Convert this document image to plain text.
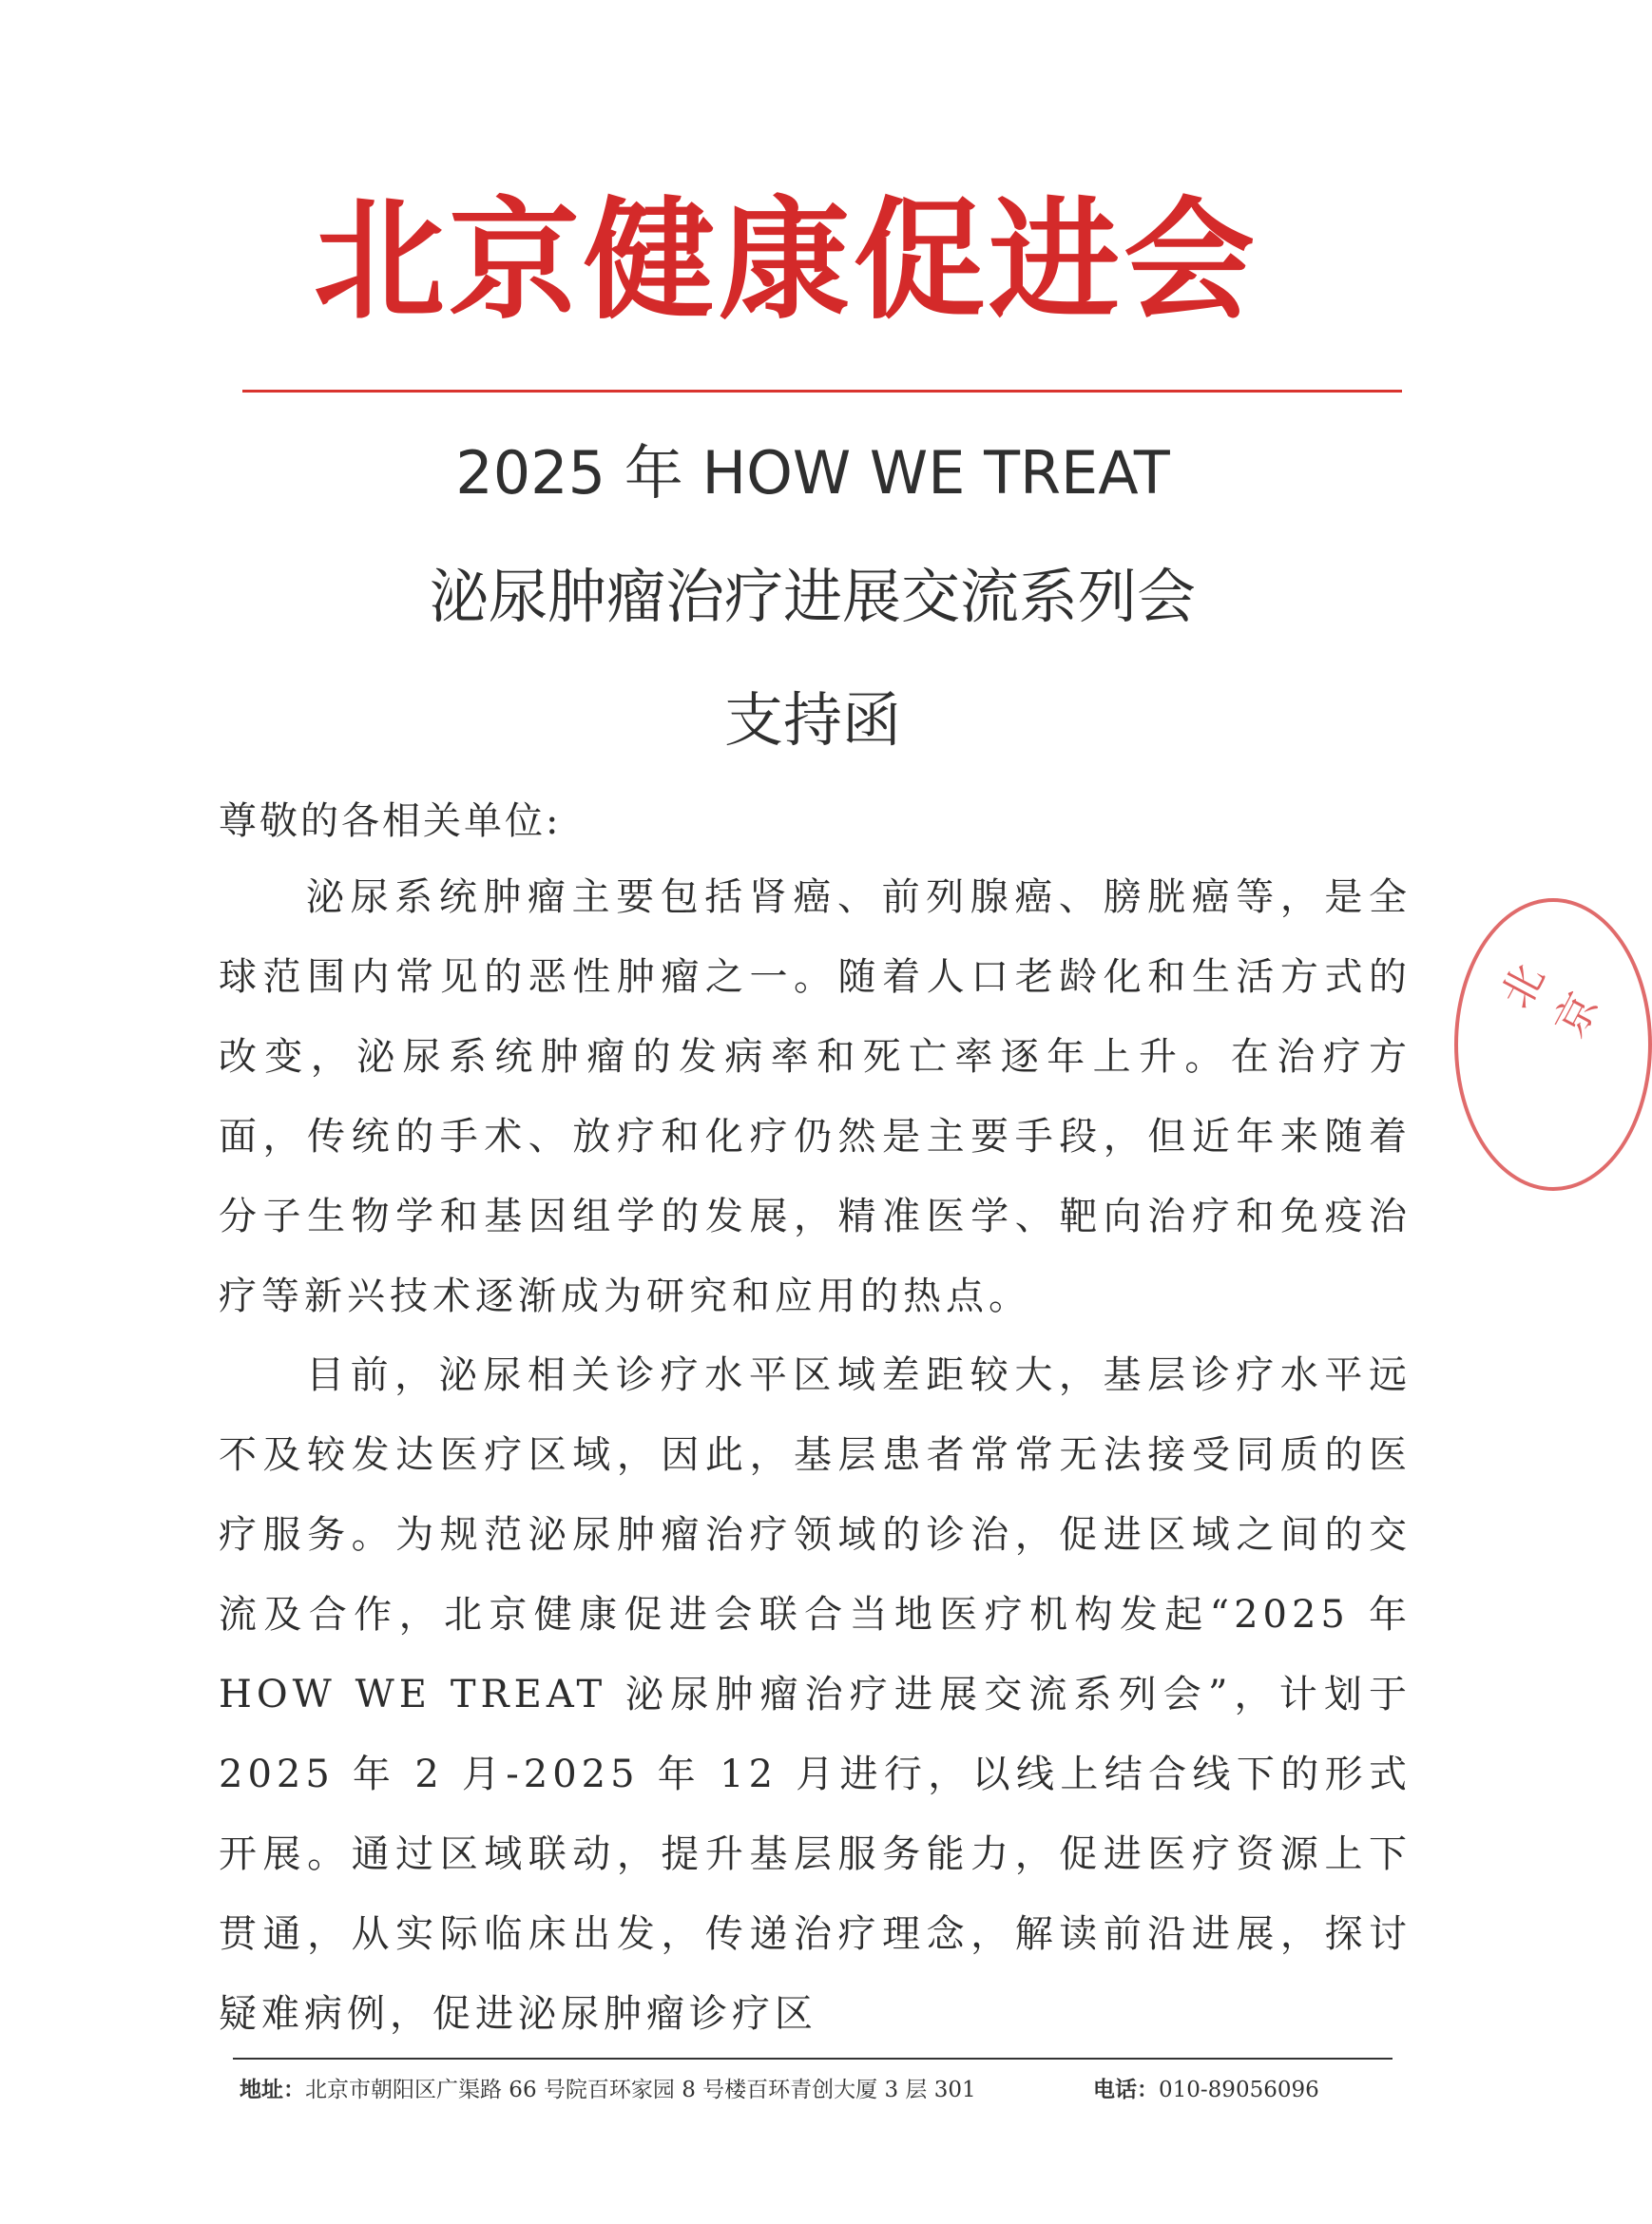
北京健康促进会
2025 年 HOW WE TREAT
泌尿肿瘤治疗进展交流系列会
支持函
尊敬的各相关单位:

泌尿系统肿瘤主要包括肾癌、前列腺癌、膀胱癌等，是全球范围内常见的恶性肿瘤之一。随着人口老龄化和生活方式的改变，泌尿系统肿瘤的发病率和死亡率逐年上升。在治疗方面，传统的手术、放疗和化疗仍然是主要手段，但近年来随着分子生物学和基因组学的发展，精准医学、靶向治疗和免疫治疗等新兴技术逐渐成为研究和应用的热点。

目前，泌尿相关诊疗水平区域差距较大，基层诊疗水平远不及较发达医疗区域，因此，基层患者常常无法接受同质的医疗服务。为规范泌尿肿瘤治疗领域的诊治，促进区域之间的交流及合作，北京健康促进会联合当地医疗机构发起“2025 年 HOW WE TREAT 泌尿肿瘤治疗进展交流系列会”，计划于 2025 年 2 月-2025 年 12 月进行，以线上结合线下的形式开展。通过区域联动，提升基层服务能力，促进医疗资源上下贯通，从实际临床出发，传递治疗理念，解读前沿进展，探讨疑难病例，促进泌尿肿瘤诊疗区

北京
地址：北京市朝阳区广渠路 66 号院百环家园 8 号楼百环青创大厦 3 层 301	电话：010-89056096
